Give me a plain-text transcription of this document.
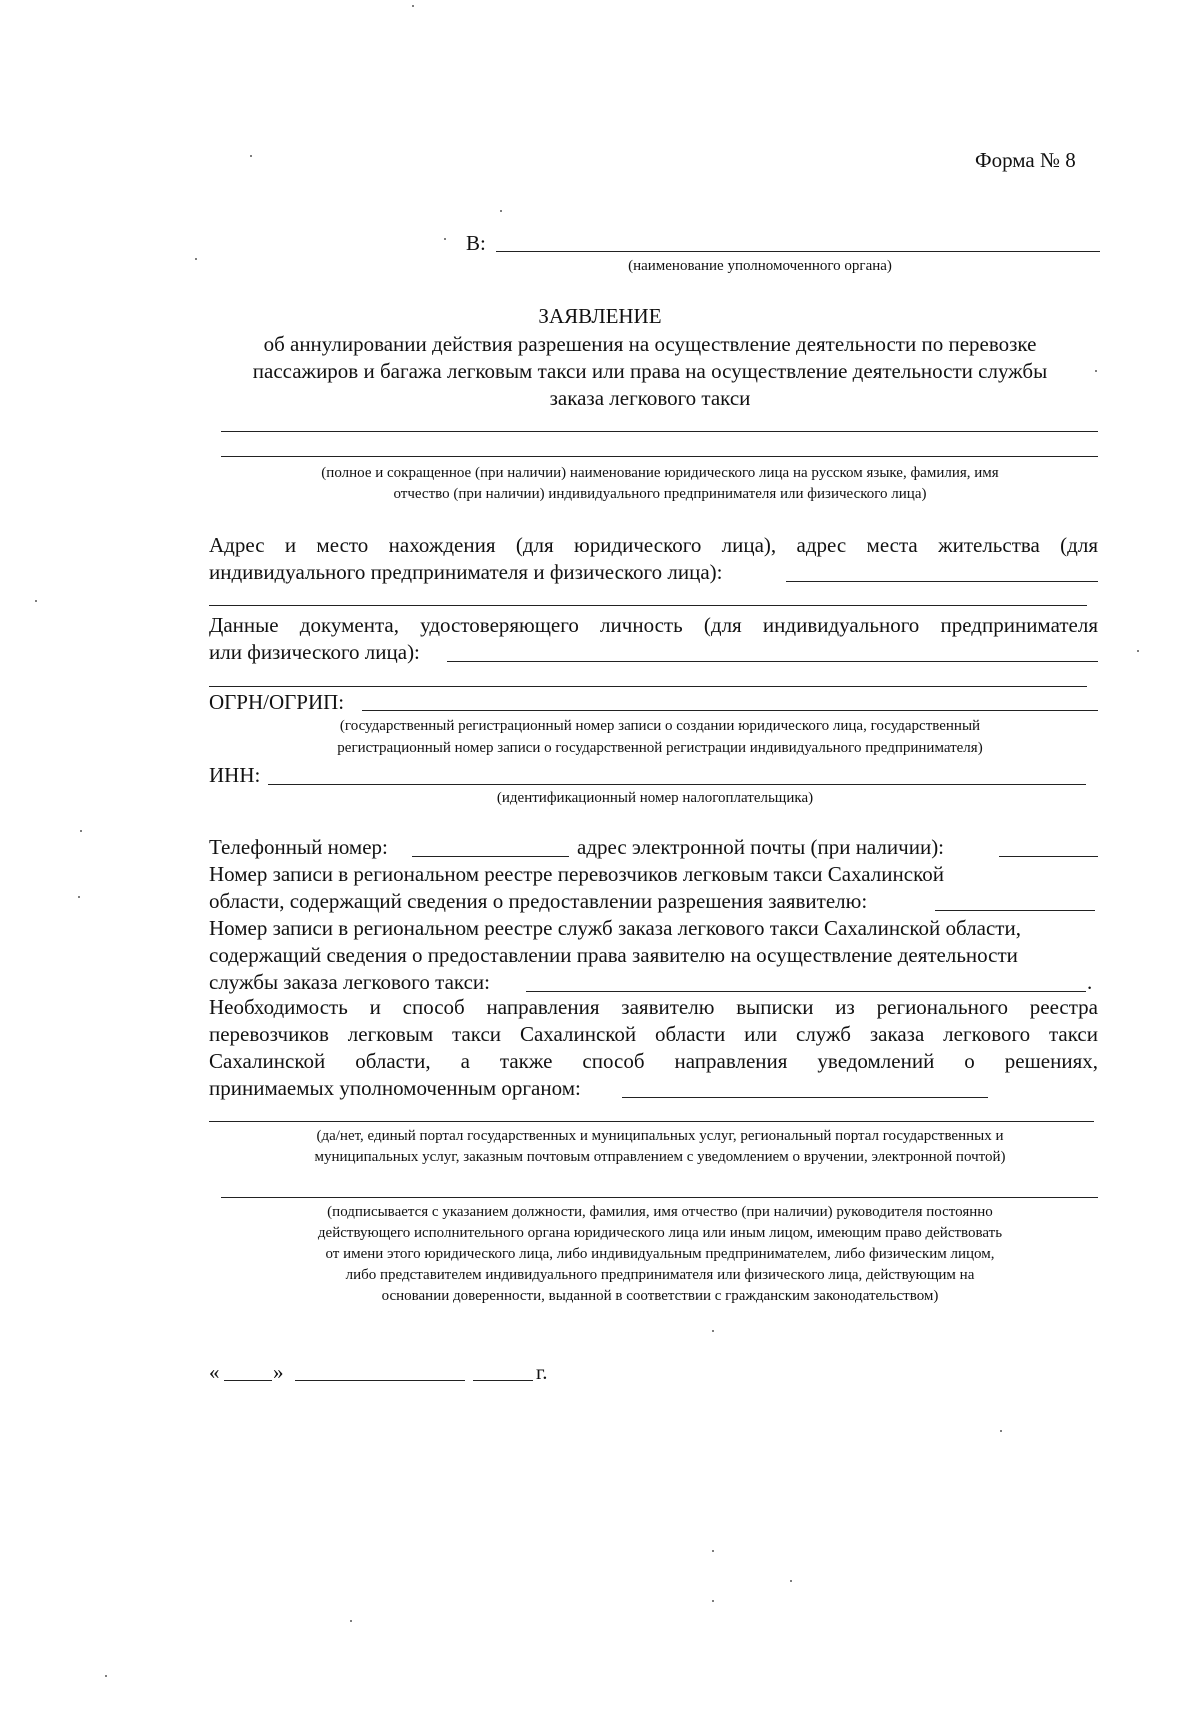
Форма № 8
В:
(наименование уполномоченного органа)
ЗАЯВЛЕНИЕ
об аннулировании действия разрешения на осуществление деятельности по перевозке
пассажиров и багажа легковым такси или права на осуществление деятельности службы
заказа легкового такси
(полное и сокращенное (при наличии) наименование юридического лица на русском языке, фамилия, имя
отчество (при наличии) индивидуального предпринимателя или физического лица)
Адрес и место нахождения (для юридического лица), адрес места жительства (для
индивидуального предпринимателя и физического лица):
Данные документа, удостоверяющего личность (для индивидуального предпринимателя
или физического лица):
ОГРН/ОГРИП:
(государственный регистрационный номер записи о создании юридического лица, государственный
регистрационный номер записи о государственной регистрации индивидуального предпринимателя)
ИНН:
(идентификационный номер налогоплательщика)
Телефонный номер:	адрес электронной почты (при наличии):
Номер записи в региональном реестре перевозчиков легковым такси Сахалинской
области, содержащий сведения о предоставлении разрешения заявителю:
Номер записи в региональном реестре служб заказа легкового такси Сахалинской области,
содержащий сведения о предоставлении права заявителю на осуществление деятельности
службы заказа легкового такси:	.
Необходимость и способ направления заявителю выписки из регионального реестра
перевозчиков легковым такси Сахалинской области или служб заказа легкового такси
Сахалинской области, а также способ направления уведомлений о решениях,
принимаемых уполномоченным органом:
(да/нет, единый портал государственных и муниципальных услуг, региональный портал государственных и
муниципальных услуг, заказным почтовым отправлением с уведомлением о вручении, электронной почтой)
(подписывается с указанием должности, фамилия, имя отчество (при наличии) руководителя постоянно
действующего исполнительного органа юридического лица или иным лицом, имеющим право действовать
от имени этого юридического лица, либо индивидуальным предпринимателем, либо физическим лицом,
либо представителем индивидуального предпринимателя или физического лица, действующим на
основании доверенности, выданной в соответствии с гражданским законодательством)
«	»	г.
